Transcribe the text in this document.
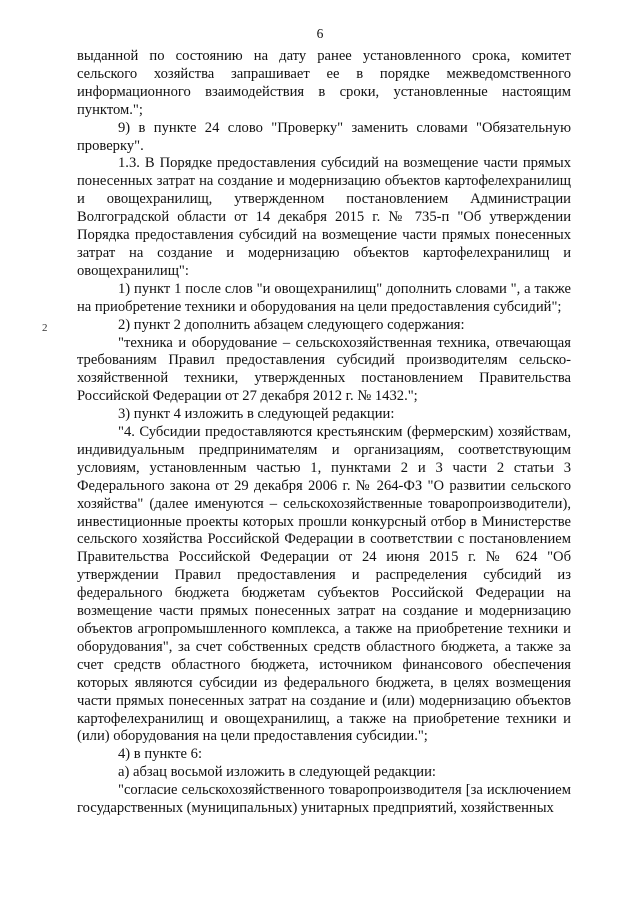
6
2

выданной по состоянию на дату ранее установленного срока, комитет сельского хозяйства запрашивает ее в порядке межведомственного информационного взаимодействия в сроки, установленные настоящим пунктом.";

9) в пункте 24 слово "Проверку" заменить словами "Обязательную проверку".

1.3. В Порядке предоставления субсидий на возмещение части прямых понесенных затрат на создание и модернизацию объектов картофелехранилищ и овощехранилищ, утвержденном постановлением Администрации Волгоградской области от 14 декабря 2015 г. № 735-п "Об утверждении Порядка предоставления субсидий на возмещение части прямых понесенных затрат на создание и модернизацию объектов картофелехранилищ и овощехранилищ":

1) пункт 1 после слов "и овощехранилищ" дополнить словами ", а также на приобретение техники и оборудования на цели предоставления субсидий";

2) пункт 2 дополнить абзацем следующего содержания:

"техника и оборудование – сельскохозяйственная техника, отвечающая требованиям Правил предоставления субсидий производителям сельско-хозяйственной техники, утвержденных постановлением Правительства Российской Федерации от 27 декабря 2012 г. № 1432.";

3) пункт 4 изложить в следующей редакции:

"4. Субсидии предоставляются крестьянским (фермерским) хозяйствам, индивидуальным предпринимателям и организациям, соответствующим условиям, установленным частью 1, пунктами 2 и 3 части 2 статьи 3 Федерального закона от 29 декабря 2006 г. № 264-ФЗ "О развитии сельского хозяйства" (далее именуются – сельскохозяйственные товаропроизводители), инвестиционные проекты которых прошли конкурсный отбор в Министерстве сельского хозяйства Российской Федерации в соответствии с постановлением Правительства Российской Федерации от 24 июня 2015 г. № 624 "Об утверждении Правил предоставления и распределения субсидий из федерального бюджета бюджетам субъектов Российской Федерации на возмещение части прямых понесенных затрат на создание и модернизацию объектов агропромышленного комплекса, а также на приобретение техники и оборудования", за счет собственных средств областного бюджета, а также за счет средств областного бюджета, источником финансового обеспечения которых являются субсидии из федерального бюджета, в целях возмещения части прямых понесенных затрат на создание и (или) модернизацию объектов картофелехранилищ и овощехранилищ, а также на приобретение техники и (или) оборудования на цели предоставления субсидии.";

4) в пункте 6:

а) абзац восьмой изложить в следующей редакции:

"согласие сельскохозяйственного товаропроизводителя [за исключением государственных (муниципальных) унитарных предприятий, хозяйственных
